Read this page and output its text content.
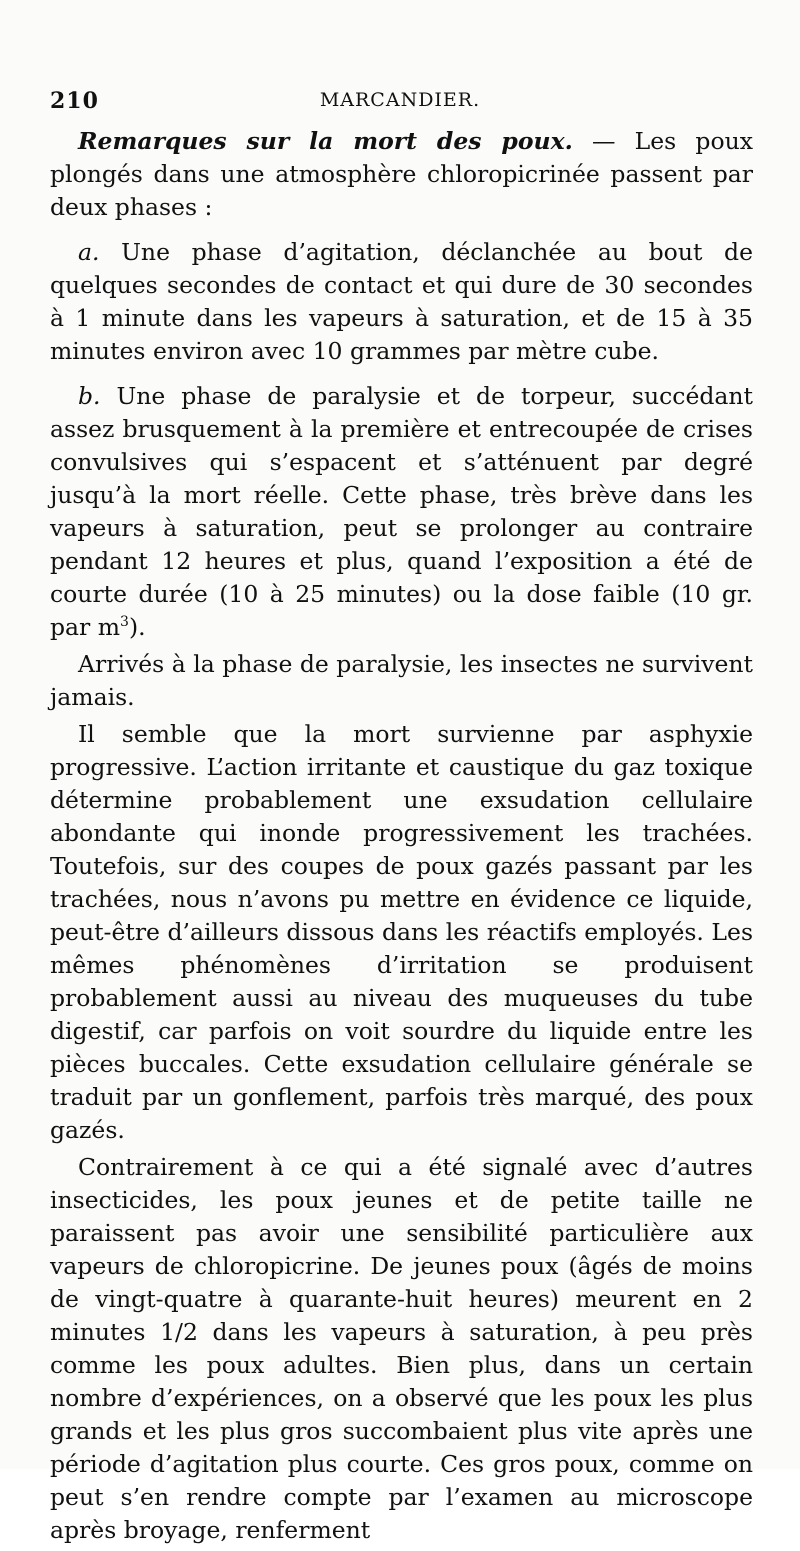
210	MARCANDIER.

Remarques sur la mort des poux. — Les poux plongés dans une atmosphère chloropicrinée passent par deux phases :

a. Une phase d’agitation, déclanchée au bout de quelques secondes de contact et qui dure de 30 secondes à 1 minute dans les vapeurs à saturation, et de 15 à 35 minutes environ avec 10 grammes par mètre cube.

b. Une phase de paralysie et de torpeur, succédant assez brusquement à la première et entrecoupée de crises convulsives qui s’espacent et s’atténuent par degré jusqu’à la mort réelle. Cette phase, très brève dans les vapeurs à saturation, peut se prolonger au contraire pendant 12 heures et plus, quand l’exposition a été de courte durée (10 à 25 minutes) ou la dose faible (10 gr. par $m^3$).

Arrivés à la phase de paralysie, les insectes ne survivent jamais.

Il semble que la mort survienne par asphyxie progressive. L’action irritante et caustique du gaz toxique détermine probablement une exsudation cellulaire abondante qui inonde progressivement les trachées. Toutefois, sur des coupes de poux gazés passant par les trachées, nous n’avons pu mettre en évidence ce liquide, peut-être d’ailleurs dissous dans les réactifs employés. Les mêmes phénomènes d’irritation se produisent probablement aussi au niveau des muqueuses du tube digestif, car parfois on voit sourdre du liquide entre les pièces buccales. Cette exsudation cellulaire générale se traduit par un gonflement, parfois très marqué, des poux gazés.

Contrairement à ce qui a été signalé avec d’autres insecticides, les poux jeunes et de petite taille ne paraissent pas avoir une sensibilité particulière aux vapeurs de chloropicrine. De jeunes poux (âgés de moins de vingt-quatre à quarante-huit heures) meurent en 2 minutes 1/2 dans les vapeurs à saturation, à peu près comme les poux adultes. Bien plus, dans un certain nombre d’expériences, on a observé que les poux les plus grands et les plus gros succombaient plus vite après une période d’agitation plus courte. Ces gros poux, comme on peut s’en rendre compte par l’examen au microscope après broyage, renferment
